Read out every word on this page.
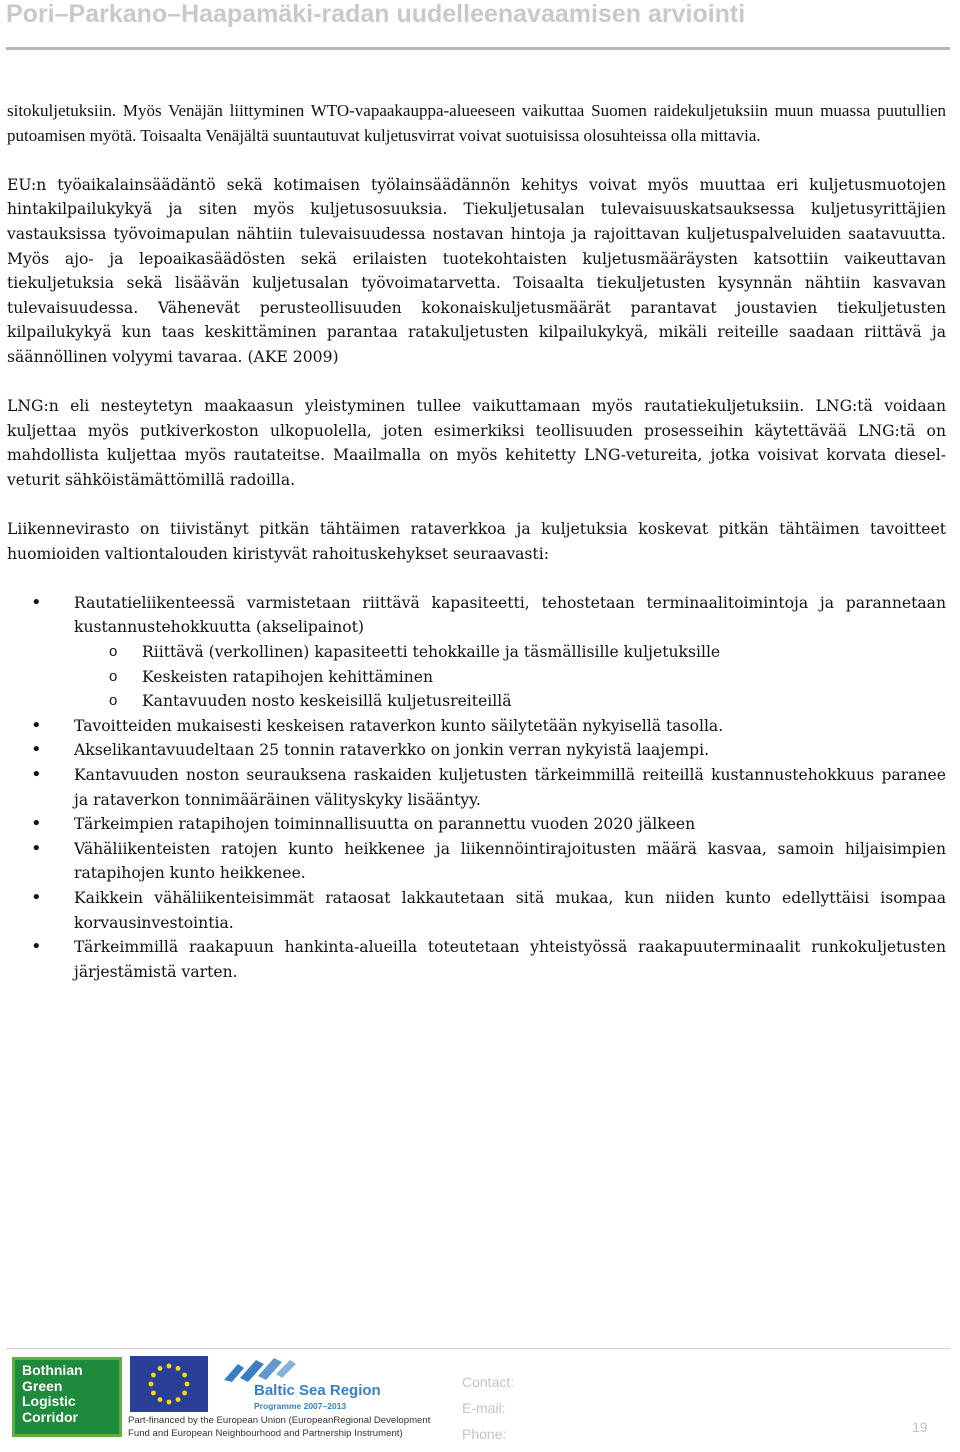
Pori–Parkano–Haapamäki-radan uudelleenavaamisen arviointi

sitokuljetuksiin. Myös Venäjän liittyminen WTO-vapaakauppa-alueeseen vaikuttaa Suomen raidekuljetuksiin muun muassa puutullien putoamisen myötä. Toisaalta Venäjältä suuntautuvat kuljetusvirrat voivat suotuisissa olosuhteissa olla mittavia.

EU:n työaikalainsäädäntö sekä kotimaisen työlainsäädännön kehitys voivat myös muuttaa eri kuljetusmuotojen hintakilpailukykyä ja siten myös kuljetusosuuksia. Tiekuljetusalan tulevaisuuskatsauksessa kuljetusyrittäjien vastauksissa työvoimapulan nähtiin tulevaisuudessa nostavan hintoja ja rajoittavan kuljetuspalveluiden saatavuutta. Myös ajo- ja lepoaikasäädösten sekä erilaisten tuotekohtaisten kuljetusmääräysten katsottiin vaikeuttavan tiekuljetuksia sekä lisäävän kuljetusalan työvoimatarvetta. Toisaalta tiekuljetusten kysynnän nähtiin kasvavan tulevaisuudessa. Vähenevät perusteollisuuden kokonaiskuljetusmäärät parantavat joustavien tiekuljetusten kilpailukykyä kun taas keskittäminen parantaa ratakuljetusten kilpailukykyä, mikäli reiteille saadaan riittävä ja säännöllinen volyymi tavaraa. (AKE 2009)

LNG:n eli nesteytetyn maakaasun yleistyminen tullee vaikuttamaan myös rautatiekuljetuksiin. LNG:tä voidaan kuljettaa myös putkiverkoston ulkopuolella, joten esimerkiksi teollisuuden prosesseihin käytettävää LNG:tä on mahdollista kuljettaa myös rautateitse. Maailmalla on myös kehitetty LNG-vetureita, jotka voisivat korvata diesel-veturit sähköistämättömillä radoilla.

Liikennevirasto on tiivistänyt pitkän tähtäimen rataverkkoa ja kuljetuksia koskevat pitkän tähtäimen tavoitteet huomioiden valtiontalouden kiristyvät rahoituskehykset seuraavasti:

• Rautatieliikenteessä varmistetaan riittävä kapasiteetti, tehostetaan terminaalitoimintoja ja parannetaan kustannustehokkuutta (akselipainot)
o Riittävä (verkollinen) kapasiteetti tehokkaille ja täsmällisille kuljetuksille
o Keskeisten ratapihojen kehittäminen
o Kantavuuden nosto keskeisillä kuljetusreiteillä
• Tavoitteiden mukaisesti keskeisen rataverkon kunto säilytetään nykyisellä tasolla.
• Akselikantavuudeltaan 25 tonnin rataverkko on jonkin verran nykyistä laajempi.
• Kantavuuden noston seurauksena raskaiden kuljetusten tärkeimmillä reiteillä kustannustehokkuus paranee ja rataverkon tonnimääräinen välityskyky lisääntyy.
• Tärkeimpien ratapihojen toiminnallisuutta on parannettu vuoden 2020 jälkeen
• Vähäliikenteisten ratojen kunto heikkenee ja liikennöintirajoitusten määrä kasvaa, samoin hiljaisimpien ratapihojen kunto heikkenee.
• Kaikkein vähäliikenteisimmät rataosat lakkautetaan sitä mukaa, kun niiden kunto edellyttäisi isompaa korvausinvestointia.
• Tärkeimmillä raakapuun hankinta-alueilla toteutetaan yhteistyössä raakapuuterminaalit runkokuljetusten järjestämistä varten.
Bothnian
Green
Logistic
Corridor
Baltic Sea Region
Programme 2007–2013
Part-financed by the European Union (EuropeanRegional Development
Fund and European Neighbourhood and Partnership Instrument)
Contact:
E-mail:
Phone:	19
